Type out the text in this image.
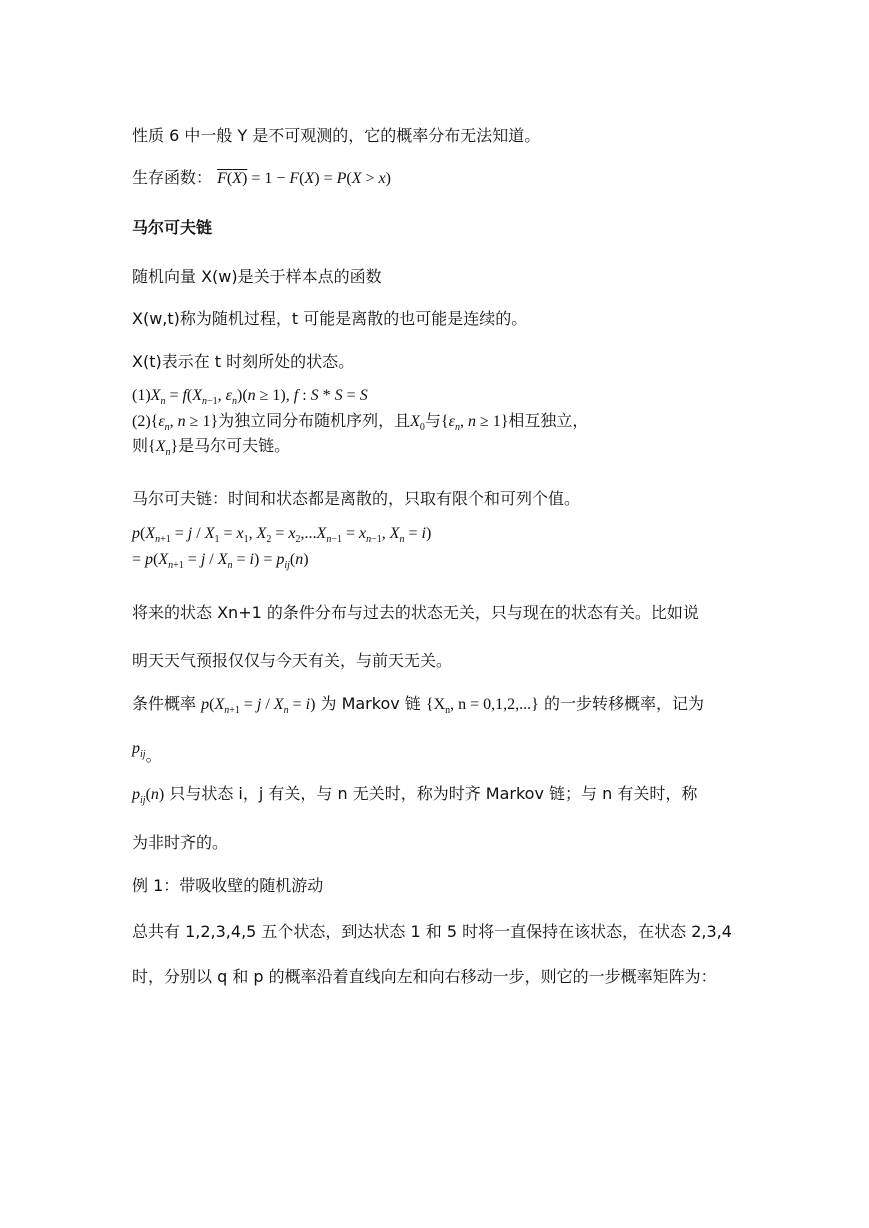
性质 6 中一般 Y 是不可观测的，它的概率分布无法知道。
生存函数： F(X) = 1 − F(X) = P(X > x)
马尔可夫链
随机向量 X(w)是关于样本点的函数
X(w,t)称为随机过程，t 可能是离散的也可能是连续的。
X(t)表示在 t 时刻所处的状态。
$(1)X_n = f(X_{n-1}$, $\varepsilon_n)(n \ge 1)$, f : S * S = S
$(2)\{\varepsilon_n$, n ≥ 1}为独立同分布随机序列，且$X_0$与{$\varepsilon_n$, n ≥ 1}相互独立，
则$\{X_n\}$是马尔可夫链。
马尔可夫链：时间和状态都是离散的，只取有限个和可列个值。
$p(X_{n+1} = j / X_1 = x_1$, $X_2 = x_2,...X_{n-1} = x_{n-1}$, $X_n = i$)
= $p(X_{n+1} = j / X_n = i) = p_{ij}(n)$
将来的状态 Xn+1 的条件分布与过去的状态无关，只与现在的状态有关。比如说
明天天气预报仅仅与今天有关，与前天无关。
条件概率 $p(X_{n+1} = j / X_n = i)$ 为 Markov 链 {$X_n$, n = 0,1,2,...} 的一步转移概率，记为
$p_{ij}$。
$p_{ij}(n)$ 只与状态 i，j 有关，与 n 无关时，称为时齐 Markov 链；与 n 有关时，称
为非时齐的。
例 1：带吸收壁的随机游动
总共有 1,2,3,4,5 五个状态，到达状态 1 和 5 时将一直保持在该状态，在状态 2,3,4
时，分别以 q 和 p 的概率沿着直线向左和向右移动一步，则它的一步概率矩阵为：
